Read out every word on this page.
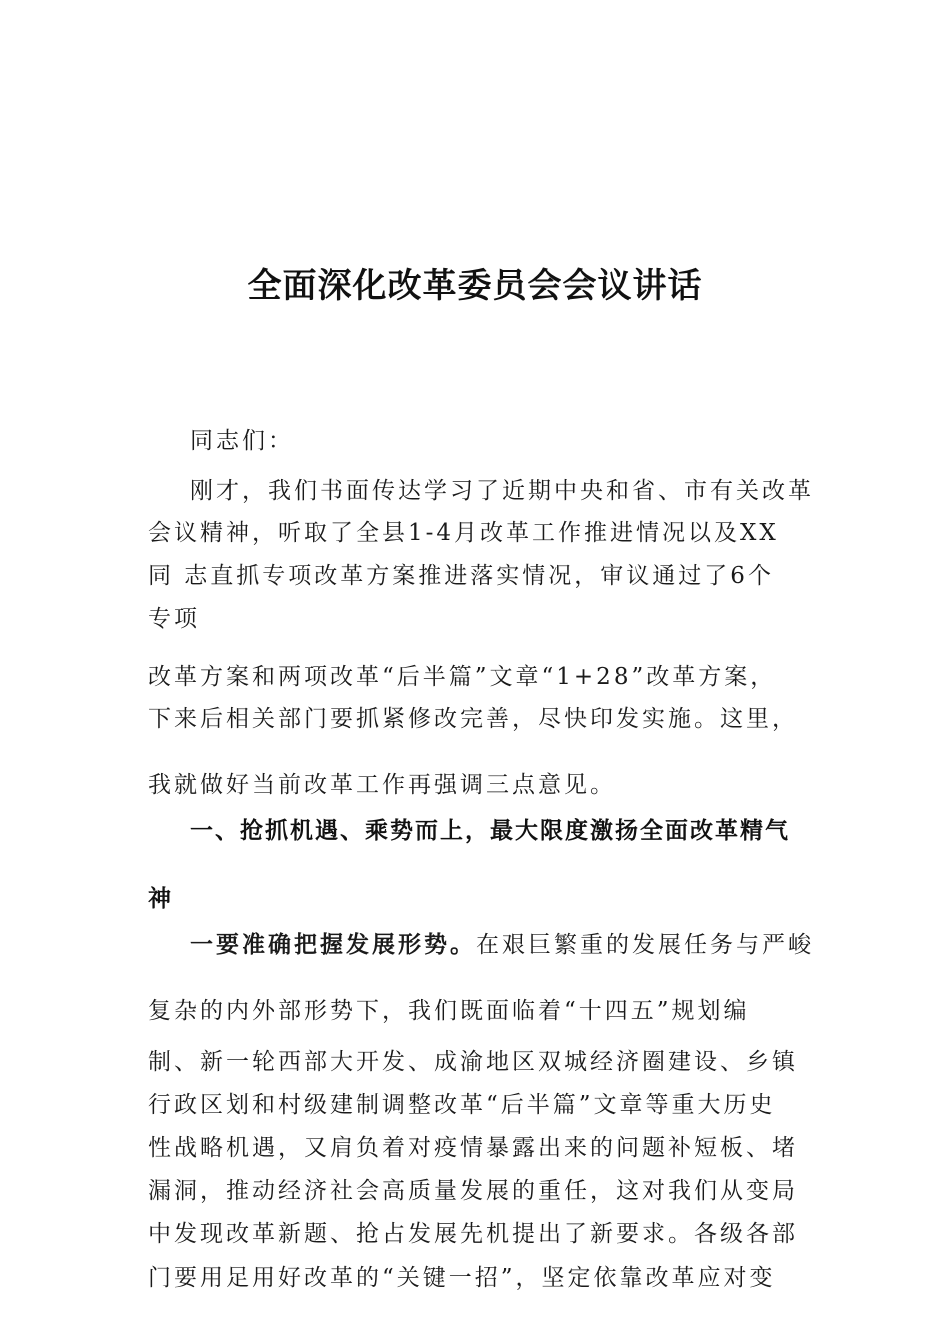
全面深化改革委员会会议讲话
同志们：
刚才，我们书面传达学习了近期中央和省、市有关改革
会议精神，听取了全县1-4月改革工作推进情况以及XX
同 志直抓专项改革方案推进落实情况，审议通过了6个
专项
改革方案和两项改革“后半篇”文章“1+28”改革方案，
下来后相关部门要抓紧修改完善，尽快印发实施。这里，
我就做好当前改革工作再强调三点意见。
一、抢抓机遇、乘势而上，最大限度激扬全面改革精气
神
一要准确把握发展形势。在艰巨繁重的发展任务与严峻
复杂的内外部形势下，我们既面临着“十四五”规划编
制、新一轮西部大开发、成渝地区双城经济圈建设、乡镇
行政区划和村级建制调整改革“后半篇”文章等重大历史
性战略机遇，又肩负着对疫情暴露出来的问题补短板、堵
漏洞，推动经济社会高质量发展的重任，这对我们从变局
中发现改革新题、抢占发展先机提出了新要求。各级各部
门要用足用好改革的“关键一招”，坚定依靠改革应对变
